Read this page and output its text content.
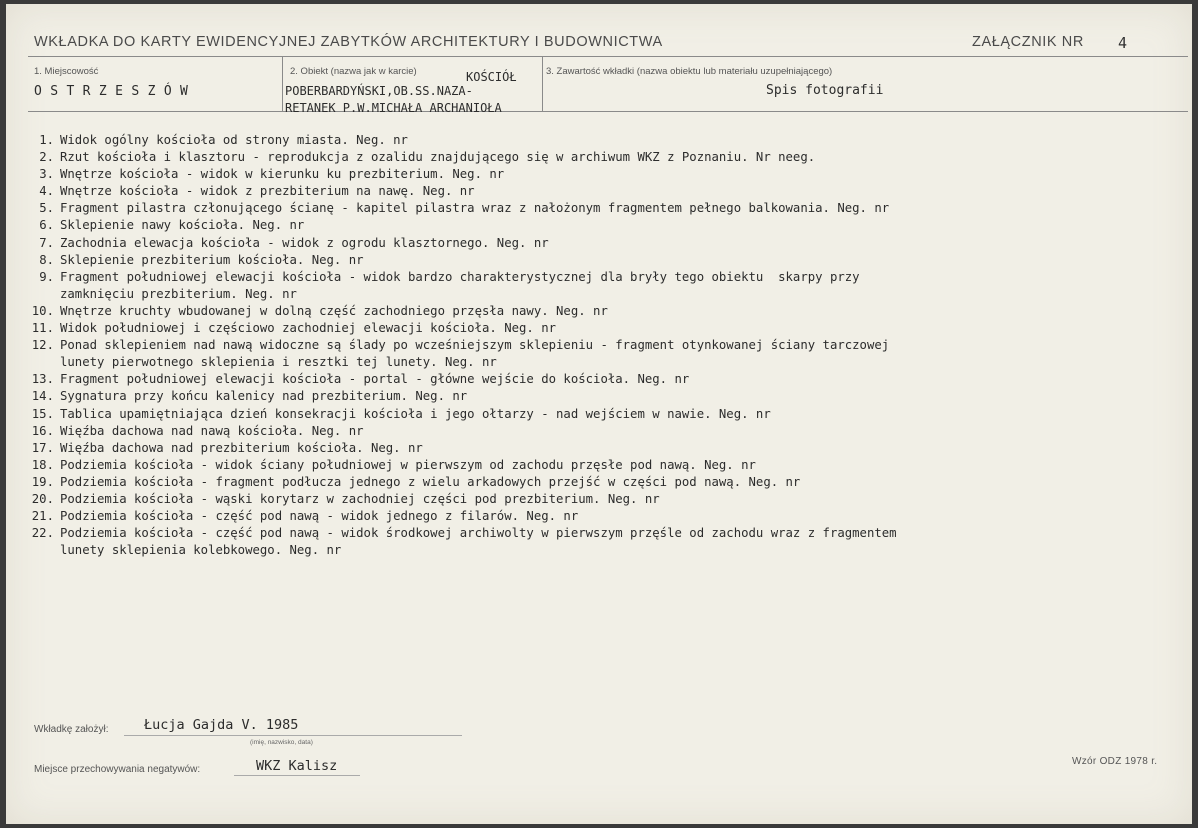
WKŁADKA DO KARTY EWIDENCYJNEJ ZABYTKÓW ARCHITEKTURY I BUDOWNICTWA	ZAŁĄCZNIK NR 4
1. Miejscowość
OSTRZESZÓW
2. Obiekt (nazwa jak w karcie)	KOŚCIÓŁ
POBERBARDYŃSKI,OB.SS.NAZA-
RETANEK P.W.MICHAŁA ARCHANIOŁA
3. Zawartość wkładki (nazwa obiektu lub materiału uzupełniającego)
Spis fotografii
1. Widok ogólny kościoła od strony miasta. Neg. nr
2. Rzut kościoła i klasztoru - reprodukcja z ozalidu znajdującego się w archiwum WKZ z Poznaniu. Nr neeg.
3. Wnętrze kościoła - widok w kierunku ku prezbiterium. Neg. nr
4. Wnętrze kościoła - widok z prezbiterium na nawę. Neg. nr
5. Fragment pilastra członującego ścianę - kapitel pilastra wraz z nałożonym fragmentem pełnego balkowania. Neg. nr
6. Sklepienie nawy kościoła. Neg. nr
7. Zachodnia elewacja kościoła - widok z ogrodu klasztornego. Neg. nr
8. Sklepienie prezbiterium kościoła. Neg. nr
9. Fragment południowej elewacji kościoła - widok bardzo charakterystycznej dla bryły tego obiektu  skarpy przy
zamknięciu prezbiterium. Neg. nr
10. Wnętrze kruchty wbudowanej w dolną część zachodniego przęsła nawy. Neg. nr
11. Widok południowej i częściowo zachodniej elewacji kościoła. Neg. nr
12. Ponad sklepieniem nad nawą widoczne są ślady po wcześniejszym sklepieniu - fragment otynkowanej ściany tarczowej
lunety pierwotnego sklepienia i resztki tej lunety. Neg. nr
13. Fragment południowej elewacji kościoła - portal - główne wejście do kościoła. Neg. nr
14. Sygnatura przy końcu kalenicy nad prezbiterium. Neg. nr
15. Tablica upamiętniająca dzień konsekracji kościoła i jego ołtarzy - nad wejściem w nawie. Neg. nr
16. Więźba dachowa nad nawą kościoła. Neg. nr
17. Więźba dachowa nad prezbiterium kościoła. Neg. nr
18. Podziemia kościoła - widok ściany południowej w pierwszym od zachodu przęsłe pod nawą. Neg. nr
19. Podziemia kościoła - fragment podłucza jednego z wielu arkadowych przejść w części pod nawą. Neg. nr
20. Podziemia kościoła - wąski korytarz w zachodniej części pod prezbiterium. Neg. nr
21. Podziemia kościoła - część pod nawą - widok jednego z filarów. Neg. nr
22. Podziemia kościoła - część pod nawą - widok środkowej archiwolty w pierwszym przęśle od zachodu wraz z fragmentem
lunety sklepienia kolebkowego. Neg. nr
Wkładkę założył:	Łucja Gajda V. 1985
(imię, nazwisko, data)
Miejsce przechowywania negatywów:	WKZ Kalisz	Wzór ODZ 1978 r.
